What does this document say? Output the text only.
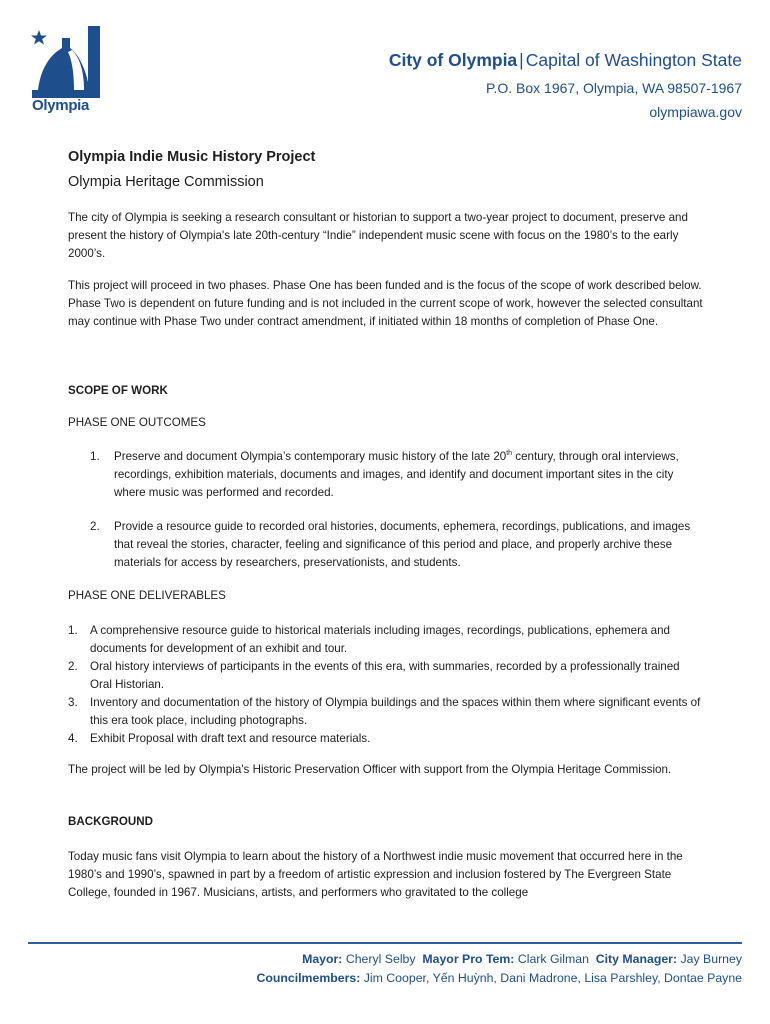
Olympia
City of Olympia | Capital of Washington State
P.O. Box 1967, Olympia, WA 98507-1967
olympiawa.gov
Olympia Indie Music History Project
Olympia Heritage Commission

The city of Olympia is seeking a research consultant or historian to support a two-year project to document, preserve and present the history of Olympia's late 20th-century “Indie” independent music scene with focus on the 1980’s to the early 2000’s.

This project will proceed in two phases. Phase One has been funded and is the focus of the scope of work described below. Phase Two is dependent on future funding and is not included in the current scope of work, however the selected consultant may continue with Phase Two under contract amendment, if initiated within 18 months of completion of Phase One.

SCOPE OF WORK

PHASE ONE OUTCOMES

1. Preserve and document Olympia’s contemporary music history of the late 20th century, through oral interviews, recordings, exhibition materials, documents and images, and identify and document important sites in the city where music was performed and recorded.
2. Provide a resource guide to recorded oral histories, documents, ephemera, recordings, publications, and images that reveal the stories, character, feeling and significance of this period and place, and properly archive these materials for access by researchers, preservationists, and students.

PHASE ONE DELIVERABLES

1. A comprehensive resource guide to historical materials including images, recordings, publications, ephemera and documents for development of an exhibit and tour.
2. Oral history interviews of participants in the events of this era, with summaries, recorded by a professionally trained Oral Historian.
3. Inventory and documentation of the history of Olympia buildings and the spaces within them where significant events of this era took place, including photographs.
4. Exhibit Proposal with draft text and resource materials.

The project will be led by Olympia's Historic Preservation Officer with support from the Olympia Heritage Commission.

BACKGROUND

Today music fans visit Olympia to learn about the history of a Northwest indie music movement that occurred here in the 1980’s and 1990’s, spawned in part by a freedom of artistic expression and inclusion fostered by The Evergreen State College, founded in 1967. Musicians, artists, and performers who gravitated to the college

Mayor: Cheryl Selby Mayor Pro Tem: Clark Gilman City Manager: Jay Burney
Councilmembers: Jim Cooper, Yến Huỳnh, Dani Madrone, Lisa Parshley, Dontae Payne
